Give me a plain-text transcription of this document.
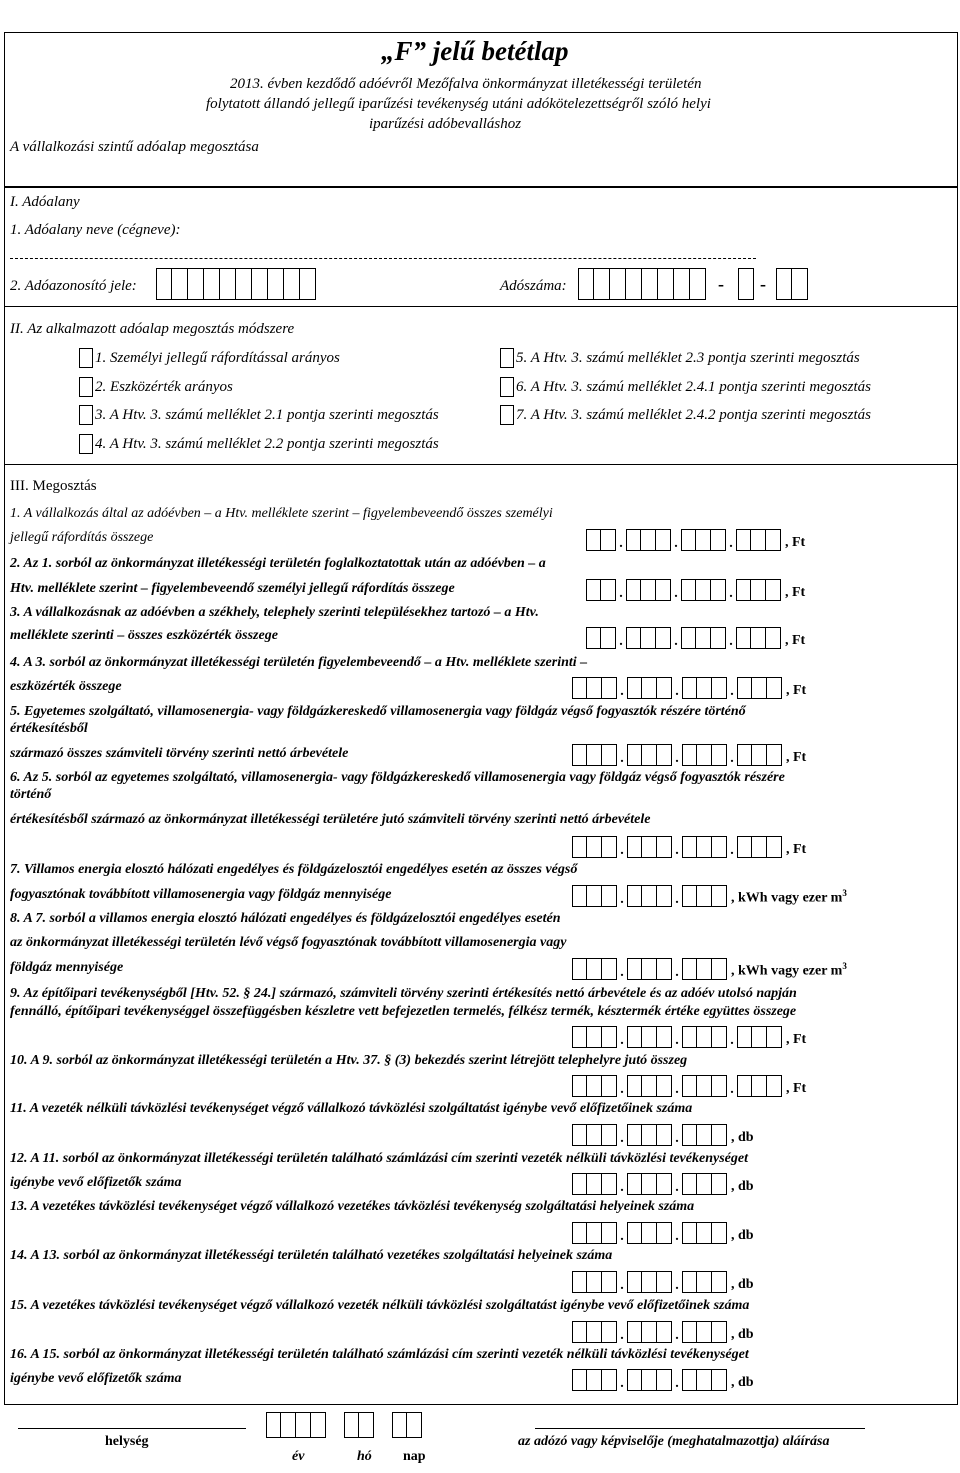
„F” jelű betétlap
2013. évben kezdődő adóévről Mezőfalva önkormányzat illetékességi területén
folytatott állandó jellegű iparűzési tevékenység utáni adókötelezettségről szóló helyi
iparűzési adóbevalláshoz
A vállalkozási szintű adóalap megosztása
I. Adóalany
1. Adóalany neve (cégneve):
2. Adóazonosító jele:	Adószáma:	- -
II. Az alkalmazott adóalap megosztás módszere
1. Személyi jellegű ráfordítással arányos
2. Eszközérték arányos
3. A Htv. 3. számú melléklet 2.1 pontja szerinti megosztás
4. A Htv. 3. számú melléklet 2.2 pontja szerinti megosztás
5. A Htv. 3. számú melléklet 2.3 pontja szerinti megosztás
6. A Htv. 3. számú melléklet 2.4.1 pontja szerinti megosztás
7. A Htv. 3. számú melléklet 2.4.2 pontja szerinti megosztás
III. Megosztás
1. A vállalkozás által az adóévben – a Htv. melléklete szerint – figyelembeveendő összes személyi
jellegű ráfordítás összege	.	.	.	, Ft
2. Az 1. sorból az önkormányzat illetékességi területén foglalkoztatottak után az adóévben – a
Htv. melléklete szerint – figyelembeveendő személyi jellegű ráfordítás összege	.	.	.	, Ft
3. A vállalkozásnak az adóévben a székhely, telephely szerinti településekhez tartozó – a Htv.
melléklete szerinti – összes eszközérték összege	.	.	.	, Ft
4. A 3. sorból az önkormányzat illetékességi területén figyelembeveendő – a Htv. melléklete szerinti –
eszközérték összege	.	.	.	, Ft
5. Egyetemes szolgáltató, villamosenergia- vagy földgázkereskedő villamosenergia vagy földgáz végső fogyasztók részére történő
értékesítésből
származó összes számviteli törvény szerinti nettó árbevétele	.	.	.	, Ft
6. Az 5. sorból az egyetemes szolgáltató, villamosenergia- vagy földgázkereskedő villamosenergia vagy földgáz végső fogyasztók részére
történő
értékesítésből származó az önkormányzat illetékességi területére jutó számviteli törvény szerinti nettó árbevétele
.	.	.	, Ft
7. Villamos energia elosztó hálózati engedélyes és földgázelosztói engedélyes esetén az összes végső
fogyasztónak továbbított villamosenergia vagy földgáz mennyisége	.	.	, kWh vagy ezer $m^3$
8. A 7. sorból a villamos energia elosztó hálózati engedélyes és földgázelosztói engedélyes esetén
az önkormányzat illetékességi területén lévő végső fogyasztónak továbbított villamosenergia vagy
földgáz mennyisége	.	.	, kWh vagy ezer $m^3$
9. Az építőipari tevékenységből [Htv. 52. § 24.] származó, számviteli törvény szerinti értékesítés nettó árbevétele és az adóév utolsó napján
fennálló, építőipari tevékenységgel összefüggésben készletre vett befejezetlen termelés, félkész termék, késztermék értéke együttes összege
.	.	.	, Ft
10. A 9. sorból az önkormányzat illetékességi területén a Htv. 37. § (3) bekezdés szerint létrejött telephelyre jutó összeg
.	.	.	, Ft
11. A vezeték nélküli távközlési tevékenységet végző vállalkozó távközlési szolgáltatást igénybe vevő előfizetőinek száma
.	.	, db
12. A 11. sorból az önkormányzat illetékességi területén található számlázási cím szerinti vezeték nélküli távközlési tevékenységet
igénybe vevő előfizetők száma	.	.	, db
13. A vezetékes távközlési tevékenységet végző vállalkozó vezetékes távközlési tevékenység szolgáltatási helyeinek száma
.	.	, db
14. A 13. sorból az önkormányzat illetékességi területén található vezetékes szolgáltatási helyeinek száma
.	.	, db
15. A vezetékes távközlési tevékenységet végző vállalkozó vezeték nélküli távközlési szolgáltatást igénybe vevő előfizetőinek száma
.	.	, db
16. A 15. sorból az önkormányzat illetékességi területén található számlázási cím szerinti vezeték nélküli távközlési tevékenységet
igénybe vevő előfizetők száma	.	.	, db
helység
év	hó nap
az adózó vagy képviselője (meghatalmazottja) aláírása
